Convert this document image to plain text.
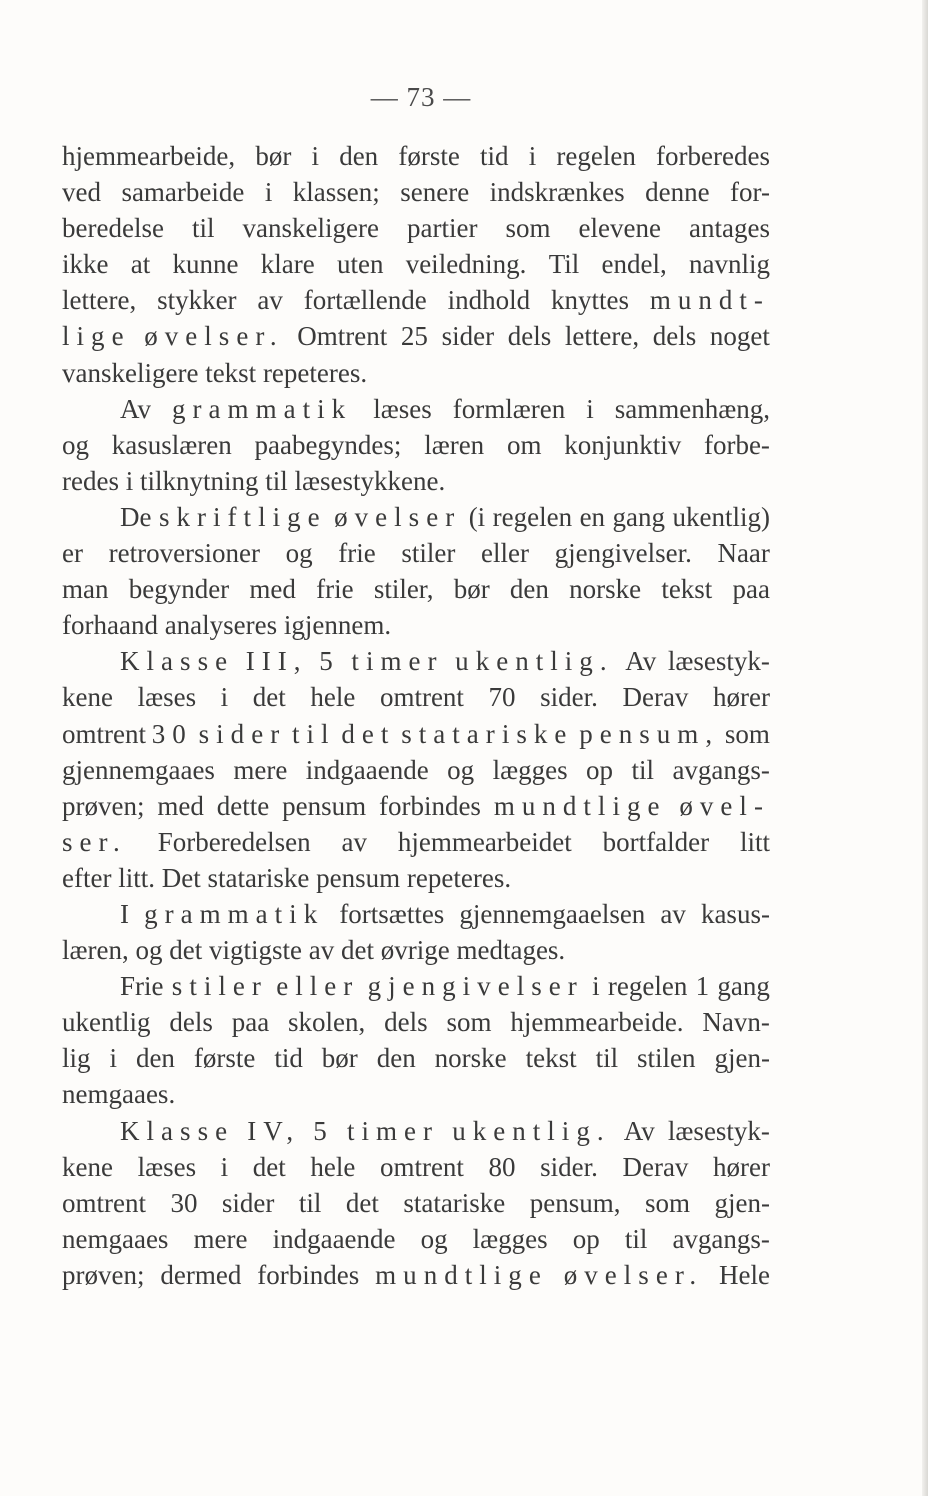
— 73 —
hjemmearbeide, bør i den første tid i regelen forberedes
ved samarbeide i klassen; senere indskrænkes denne for-
beredelse til vanskeligere partier som elevene antages
ikke at kunne klare uten veiledning. Til endel, navnlig
lettere, stykker av fortællende indhold knyttes mundt-
lige øvelser. Omtrent 25 sider dels lettere, dels noget
vanskeligere
tekst
repeteres.
Av grammatik læses formlæren i sammenhæng,
og kasuslæren paabegyndes; læren om konjunktiv forbe-
redes
i
tilknytning
til
læsestykkene.
De skriftlige øvelser (i regelen en gang ukentlig)
er retroversioner og frie stiler eller gjengivelser. Naar
man begynder med frie stiler, bør den norske tekst paa
forhaand
analyseres
igjennem.
Klasse III, 5 timer ukentlig. Av læsestyk-
kene læses i det hele omtrent 70 sider. Derav hører
omtrent 30 sider til det statariske pensum, som
gjennemgaaes mere indgaaende og lægges op til avgangs-
prøven; med dette pensum forbindes mundtlige øvel-
ser. Forberedelsen av hjemmearbeidet bortfalder litt
efter
litt.
Det
statariske
pensum
repeteres.
I grammatik fortsættes gjennemgaaelsen av kasus-
læren,
og
det
vigtigste
av
det
øvrige
medtages.
Frie stiler eller gjengivelser i regelen 1 gang
ukentlig dels paa skolen, dels som hjemmearbeide. Navn-
lig i den første tid bør den norske tekst til stilen gjen-
nemgaaes.
Klasse IV, 5 timer ukentlig. Av læsestyk-
kene læses i det hele omtrent 80 sider. Derav hører
omtrent 30 sider til det statariske pensum, som gjen-
nemgaaes mere indgaaende og lægges op til avgangs-
prøven; dermed forbindes mundtlige øvelser. Hele
